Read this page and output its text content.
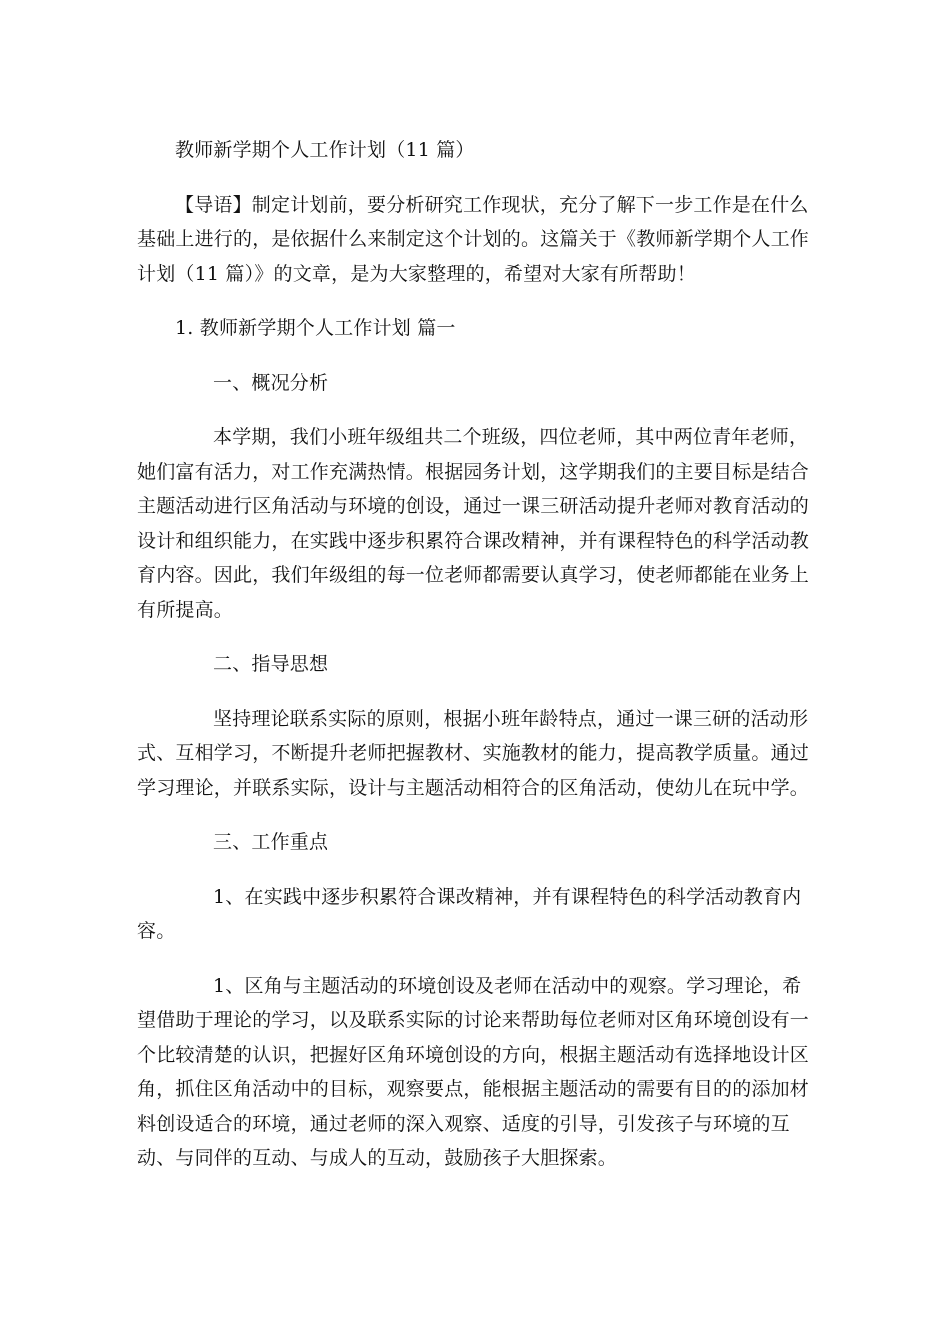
教师新学期个人工作计划（11 篇）

【导语】制定计划前，要分析研究工作现状，充分了解下一步工作是在什么基础上进行的，是依据什么来制定这个计划的。这篇关于《教师新学期个人工作计划（11 篇）》的文章，是为大家整理的，希望对大家有所帮助！

1. 教师新学期个人工作计划 篇一

一、概况分析

本学期，我们小班年级组共二个班级，四位老师，其中两位青年老师，她们富有活力，对工作充满热情。根据园务计划，这学期我们的主要目标是结合主题活动进行区角活动与环境的创设，通过一课三研活动提升老师对教育活动的设计和组织能力，在实践中逐步积累符合课改精神，并有课程特色的科学活动教育内容。因此，我们年级组的每一位老师都需要认真学习，使老师都能在业务上有所提高。

二、指导思想

坚持理论联系实际的原则，根据小班年龄特点，通过一课三研的活动形式、互相学习，不断提升老师把握教材、实施教材的能力，提高教学质量。通过学习理论，并联系实际，设计与主题活动相符合的区角活动，使幼儿在玩中学。

三、工作重点

1、在实践中逐步积累符合课改精神，并有课程特色的科学活动教育内容。

1、区角与主题活动的环境创设及老师在活动中的观察。学习理论，希望借助于理论的学习，以及联系实际的讨论来帮助每位老师对区角环境创设有一个比较清楚的认识，把握好区角环境创设的方向，根据主题活动有选择地设计区角，抓住区角活动中的目标，观察要点，能根据主题活动的需要有目的的添加材料创设适合的环境，通过老师的深入观察、适度的引导，引发孩子与环境的互动、与同伴的互动、与成人的互动，鼓励孩子大胆探索。
